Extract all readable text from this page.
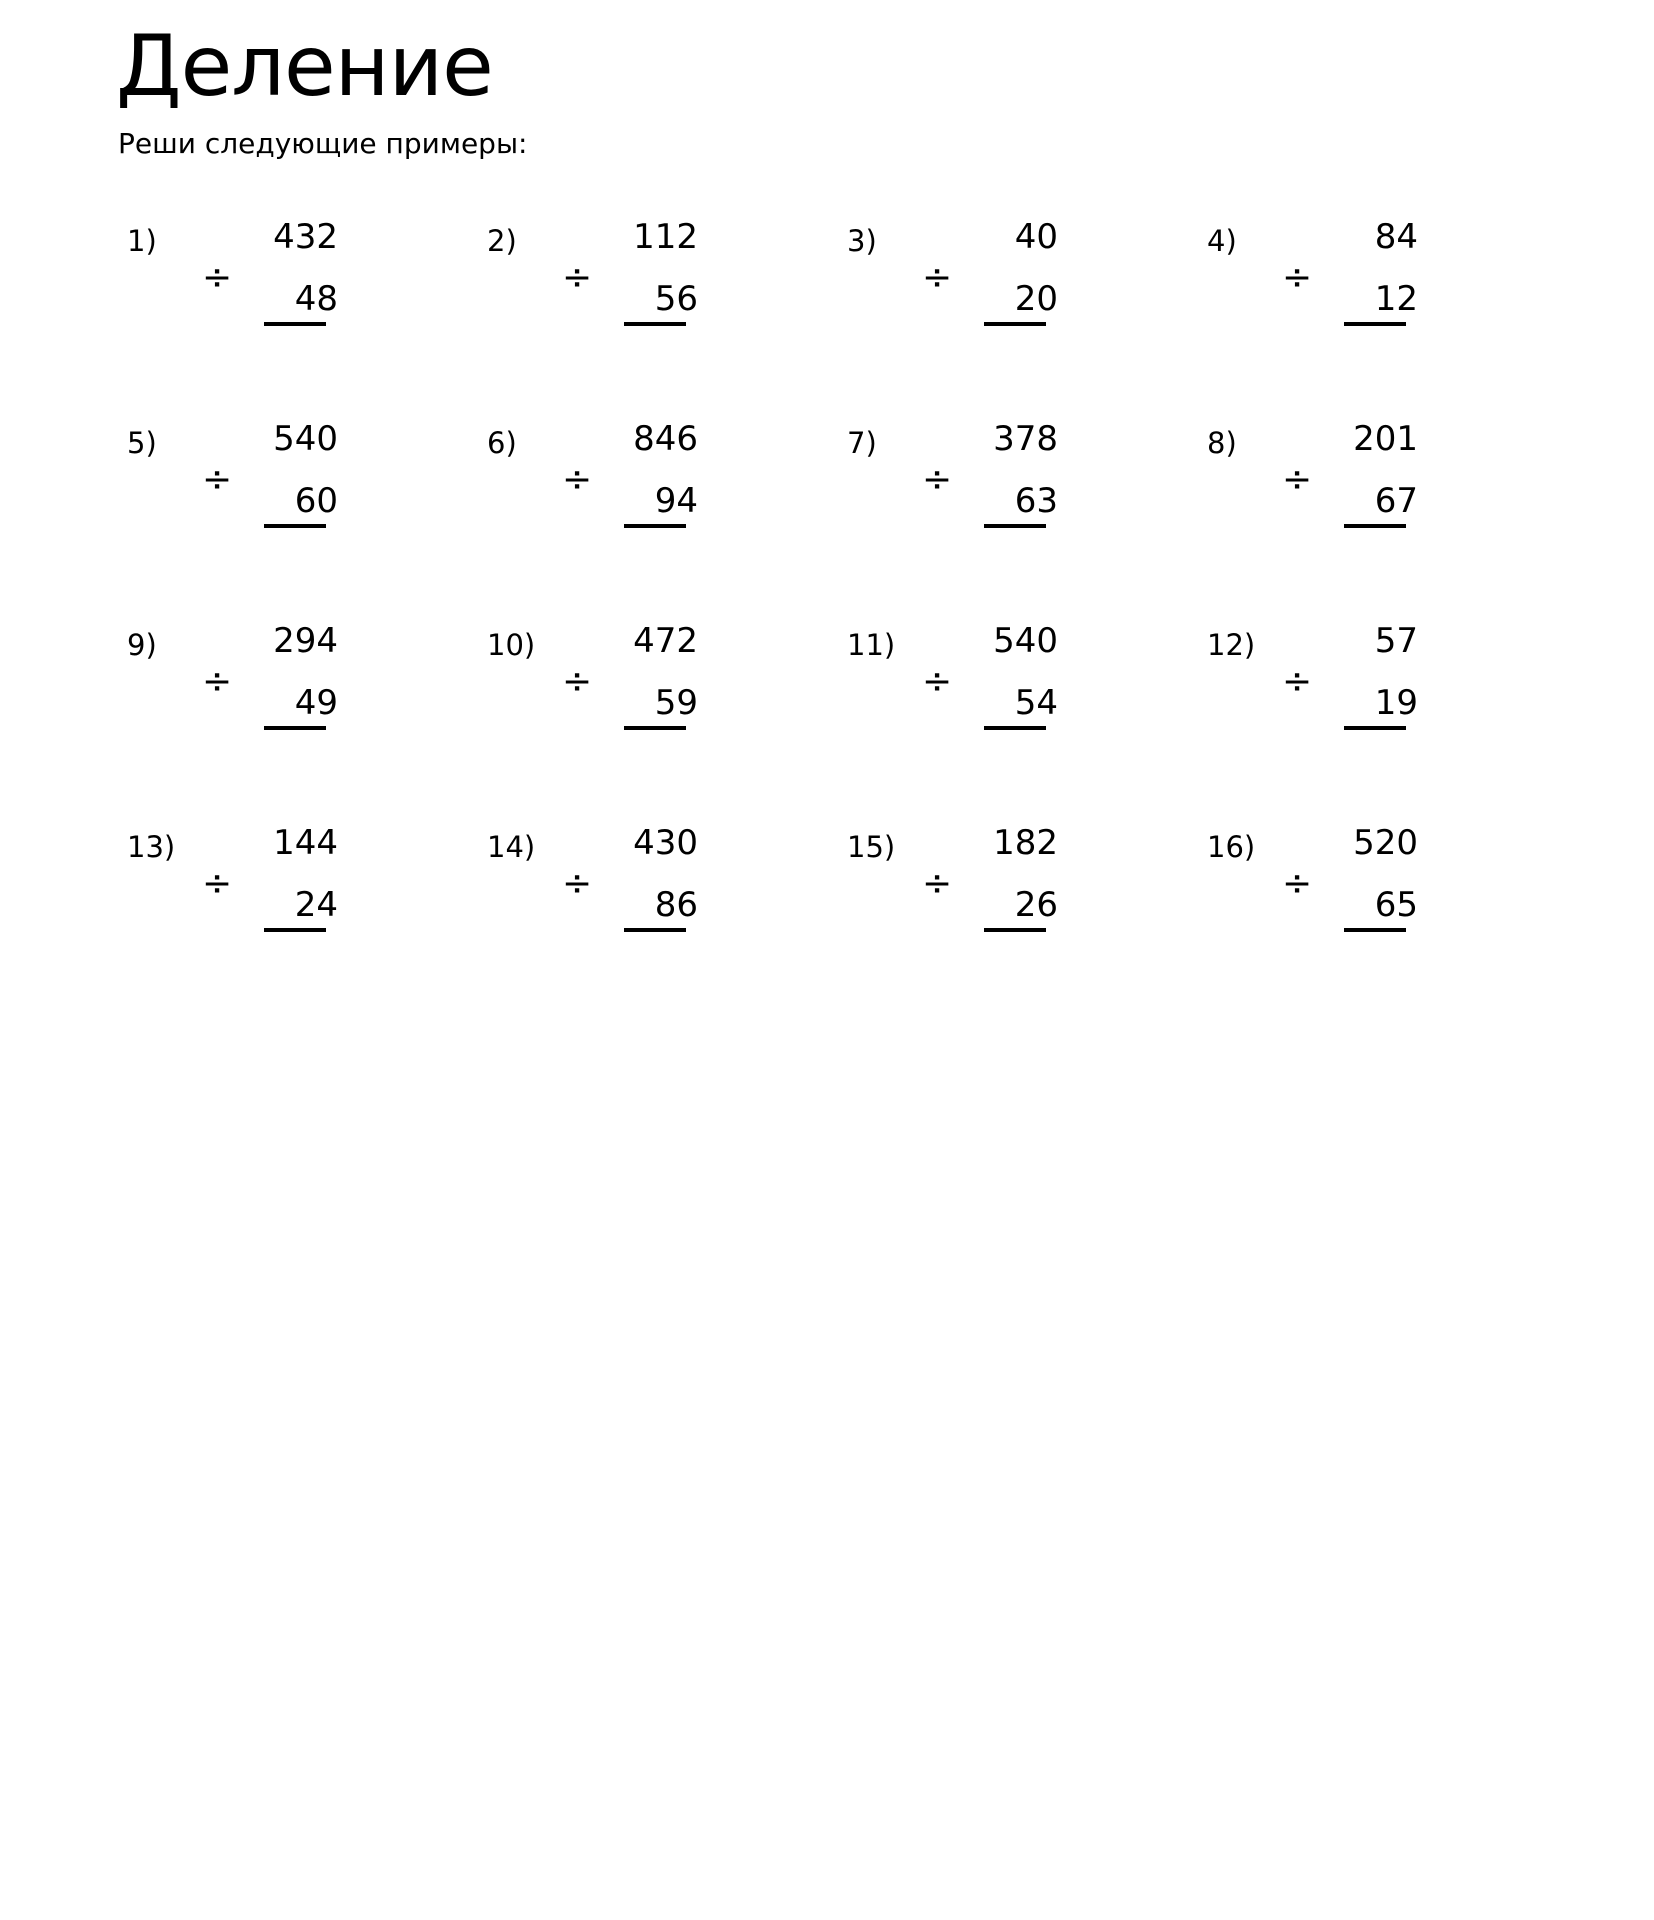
Деление

Реши следующие примеры:

1)
÷
432
48
2)
÷
112
56
3)
÷
40
20
4)
÷
84
12
5)
÷
540
60
6)
÷
846
94
7)
÷
378
63
8)
÷
201
67
9)
÷
294
49
10)
÷
472
59
11)
÷
540
54
12)
÷
57
19
13)
÷
144
24
14)
÷
430
86
15)
÷
182
26
16)
÷
520
65
